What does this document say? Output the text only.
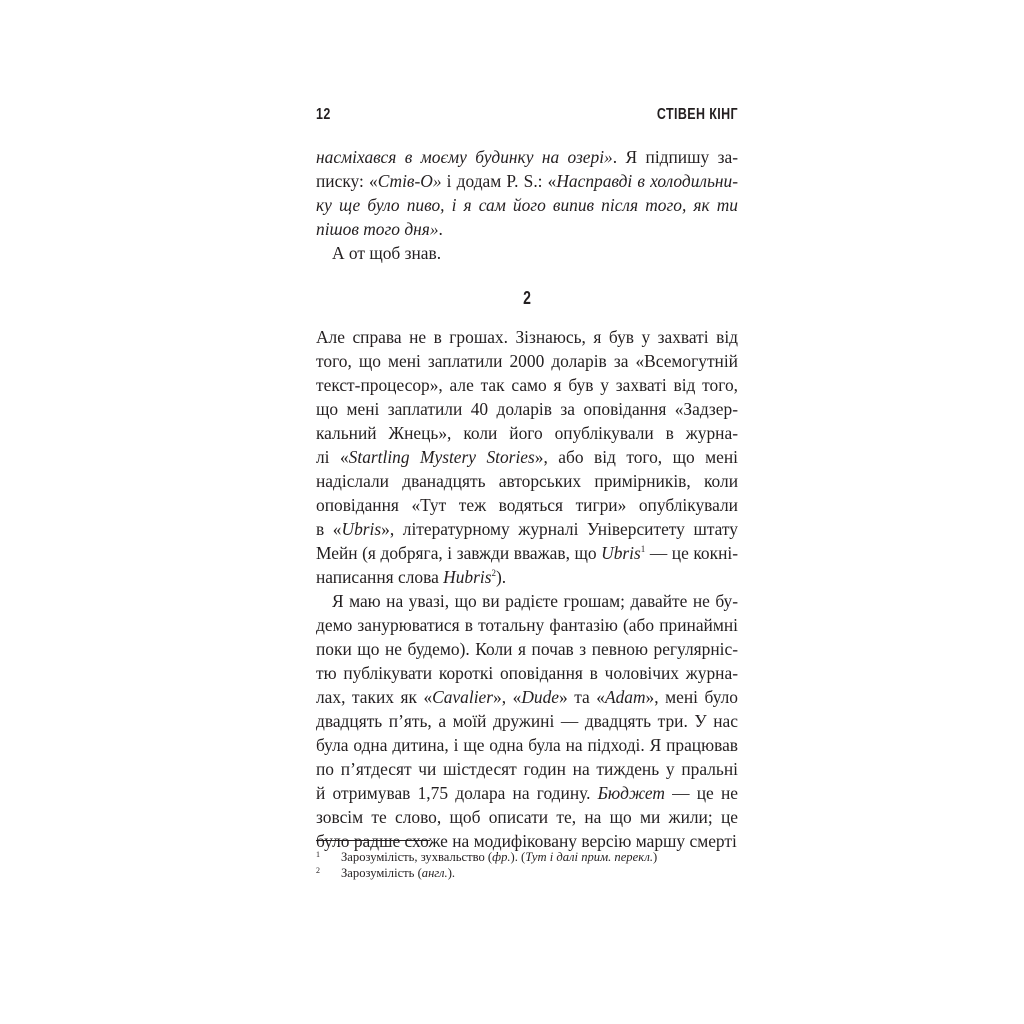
12	СТІВЕН КІНГ
насміхався в моєму будинку на озері». Я підпишу за-
писку: «Стів-О» і додам P. S.: «Насправді в холодильни-
ку ще було пиво, і я сам його випив після того, як ти
пішов того дня».
А от щоб знав.
2
Але справа не в грошах. Зізнаюсь, я був у захваті від
того, що мені заплатили 2000 доларів за «Всемогутній
текст-процесор», але так само я був у захваті від того,
що мені заплатили 40 доларів за оповідання «Задзер-
кальний Жнець», коли його опублікували в журна-
лі «Startling Mystery Stories», або від того, що мені
надіслали дванадцять авторських примірників, коли
оповідання «Тут теж водяться тигри» опублікували
в «Ubris», літературному журналі Університету штату
Мейн (я добряга, і завжди вважав, що Ubris$^1$ — це кокні-
написання слова Hubris$^2$).
Я маю на увазі, що ви радієте грошам; давайте не бу-
демо занурюватися в тотальну фантазію (або принаймні
поки що не будемо). Коли я почав з певною регулярніс-
тю публікувати короткі оповідання в чоловічих журна-
лах, таких як «Cavalier», «Dude» та «Adam», мені було
двадцять п’ять, а моїй дружині — двадцять три. У нас
була одна дитина, і ще одна була на підході. Я працював
по п’ятдесят чи шістдесят годин на тиждень у пральні
й отримував 1,75 долара на годину. Бюджет — це не
зовсім те слово, щоб описати те, на що ми жили; це
було радше схоже на модифіковану версію маршу смерті
1 Зарозумілість, зухвальство (фр.). (Тут і далі прим. перекл.)
2 Зарозумілість (англ.).
